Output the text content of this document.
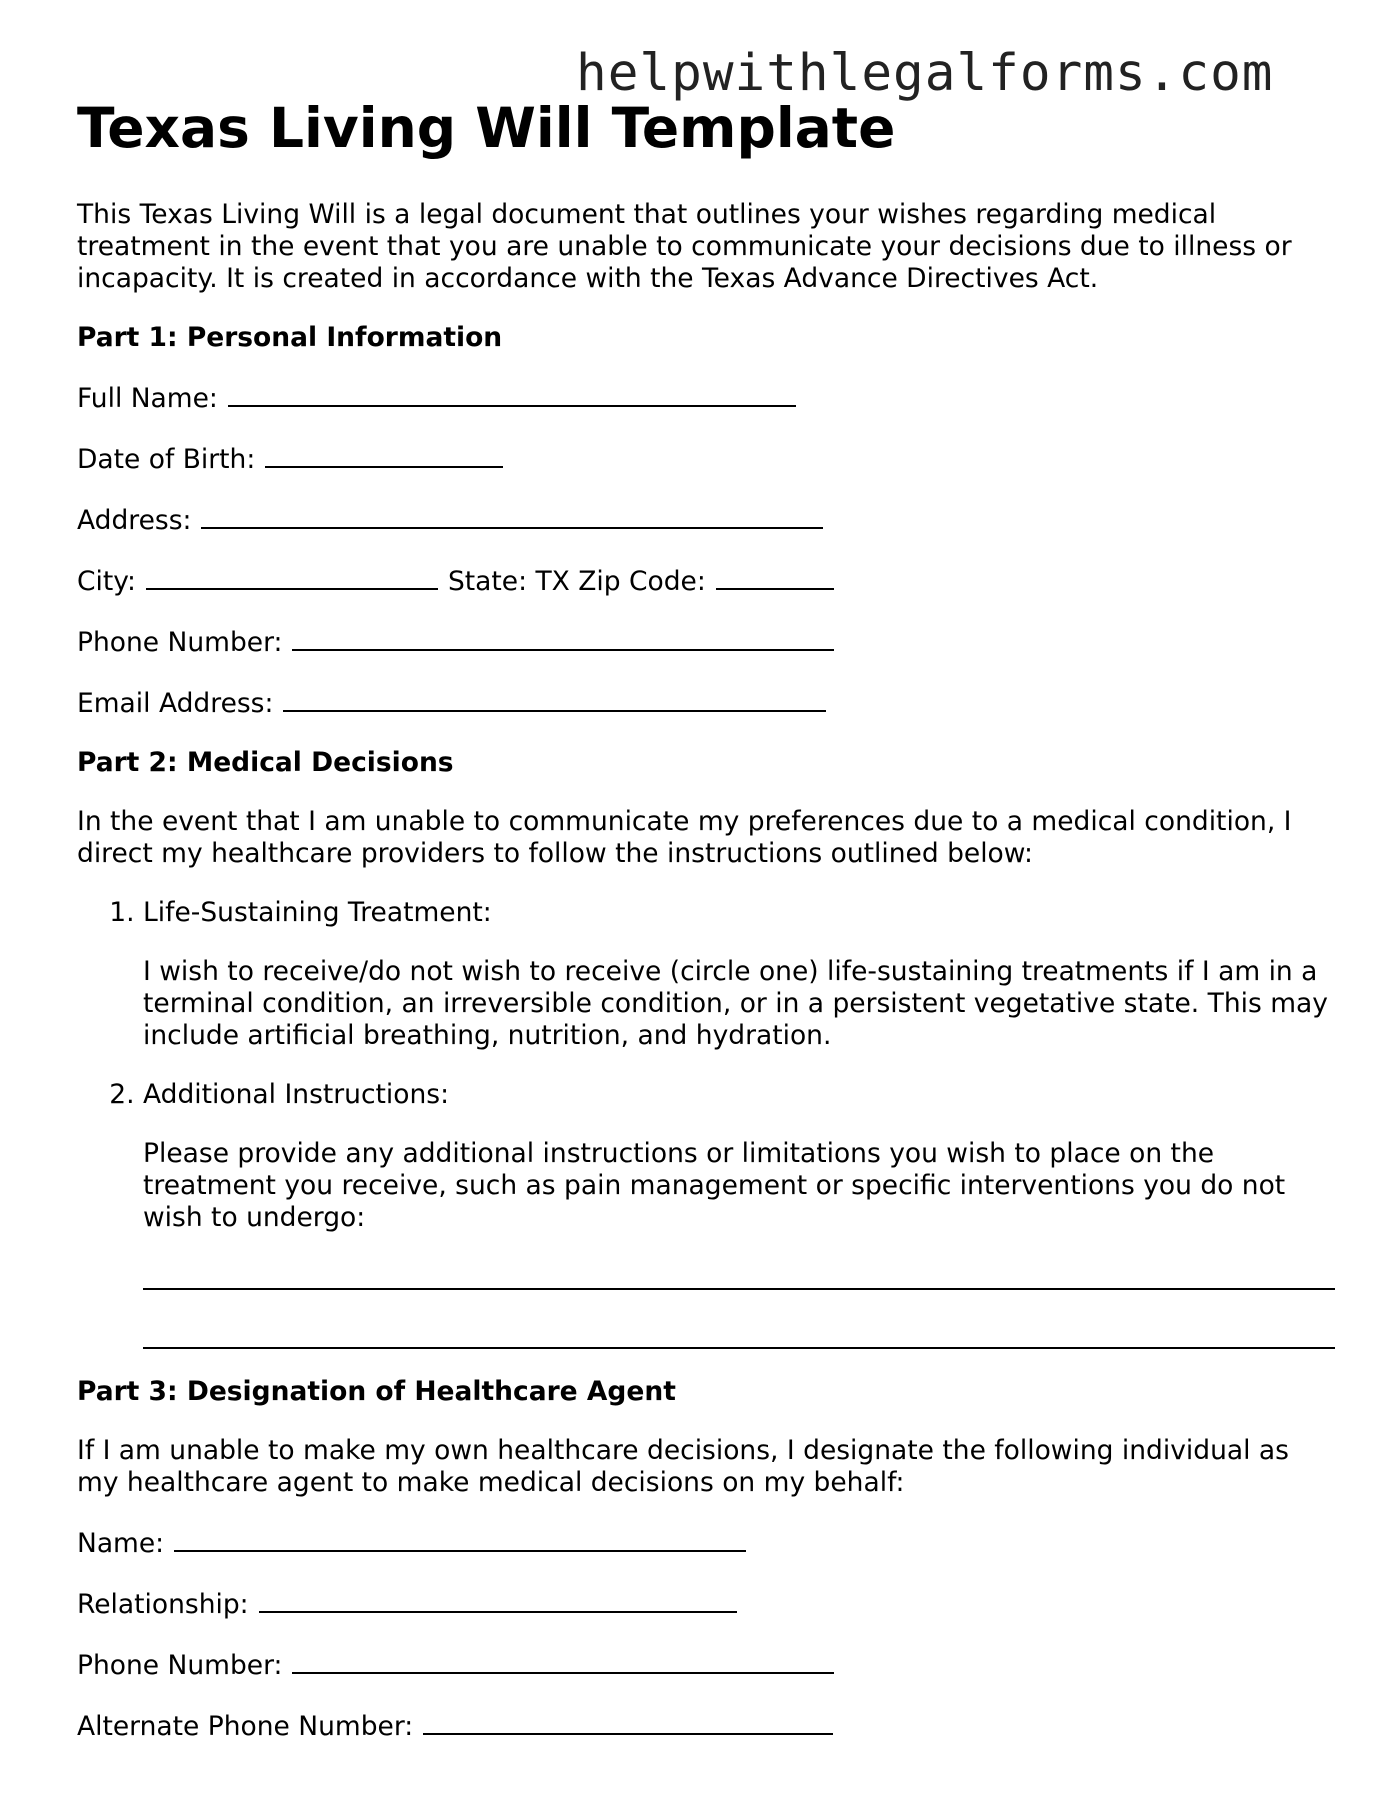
helpwithlegalforms.com
Texas Living Will Template

This Texas Living Will is a legal document that outlines your wishes regarding medical treatment in the event that you are unable to communicate your decisions due to illness or incapacity. It is created in accordance with the Texas Advance Directives Act.

Part 1: Personal Information

Full Name:

Date of Birth:

Address:

City:	State: TX Zip Code:

Phone Number:

Email Address:

Part 2: Medical Decisions

In the event that I am unable to communicate my preferences due to a medical condition, I direct my healthcare providers to follow the instructions outlined below:

1. Life-Sustaining Treatment:

I wish to receive/do not wish to receive (circle one) life-sustaining treatments if I am in a terminal condition, an irreversible condition, or in a persistent vegetative state. This may include artificial breathing, nutrition, and hydration.

2. Additional Instructions:

Please provide any additional instructions or limitations you wish to place on the treatment you receive, such as pain management or specific interventions you do not wish to undergo:

Part 3: Designation of Healthcare Agent

If I am unable to make my own healthcare decisions, I designate the following individual as my healthcare agent to make medical decisions on my behalf:

Name:

Relationship:

Phone Number:

Alternate Phone Number:
